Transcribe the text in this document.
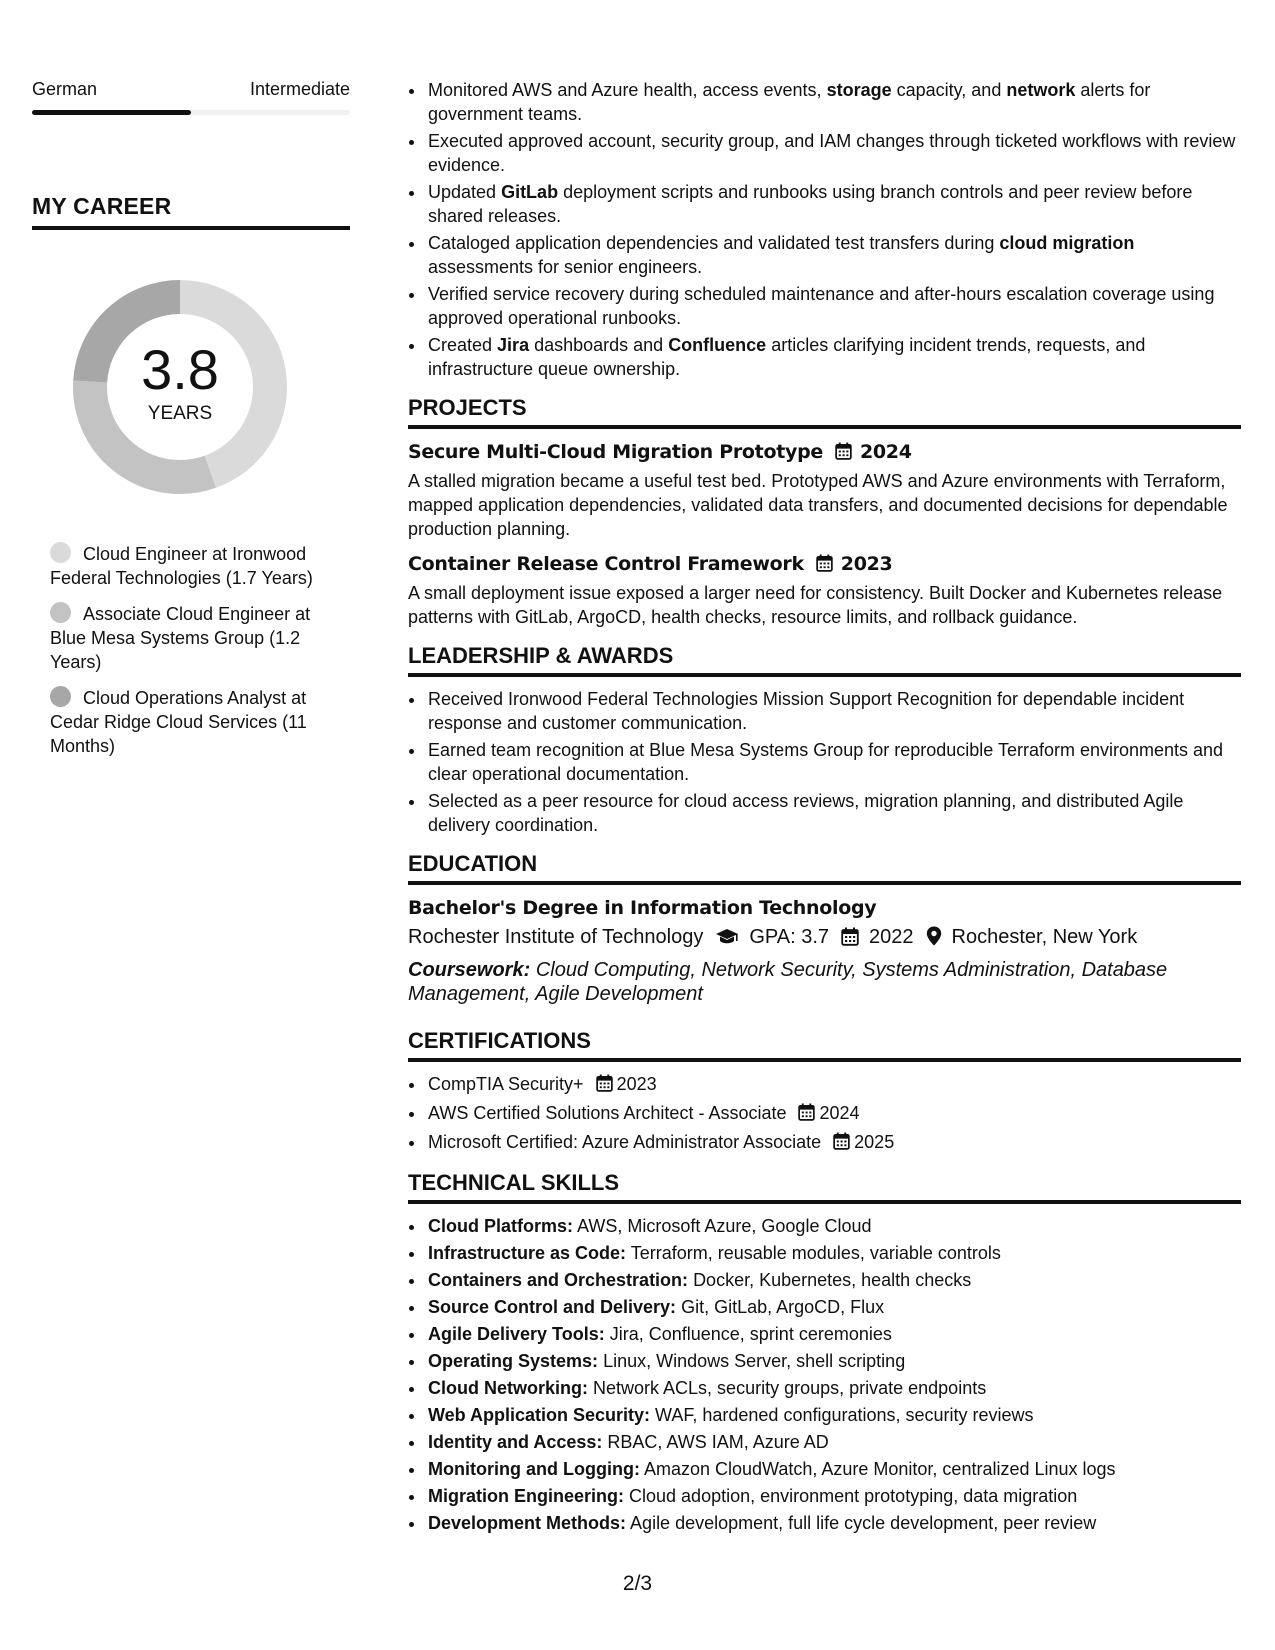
German	Intermediate
MY CAREER
3.8
YEARS
Cloud Engineer at Ironwood Federal Technologies (1.7 Years)
Associate Cloud Engineer at Blue Mesa Systems Group (1.2 Years)
Cloud Operations Analyst at Cedar Ridge Cloud Services (11 Months)
• Monitored AWS and Azure health, access events, storage capacity, and network alerts for government teams.
• Executed approved account, security group, and IAM changes through ticketed workflows with review evidence.
• Updated GitLab deployment scripts and runbooks using branch controls and peer review before shared releases.
• Cataloged application dependencies and validated test transfers during cloud migration assessments for senior engineers.
• Verified service recovery during scheduled maintenance and after-hours escalation coverage using approved operational runbooks.
• Created Jira dashboards and Confluence articles clarifying incident trends, requests, and infrastructure queue ownership.
PROJECTS
Secure Multi-Cloud Migration Prototype 2024
A stalled migration became a useful test bed. Prototyped AWS and Azure environments with Terraform, mapped application dependencies, validated data transfers, and documented decisions for dependable production planning.
Container Release Control Framework 2023
A small deployment issue exposed a larger need for consistency. Built Docker and Kubernetes release patterns with GitLab, ArgoCD, health checks, resource limits, and rollback guidance.
LEADERSHIP & AWARDS
• Received Ironwood Federal Technologies Mission Support Recognition for dependable incident response and customer communication.
• Earned team recognition at Blue Mesa Systems Group for reproducible Terraform environments and clear operational documentation.
• Selected as a peer resource for cloud access reviews, migration planning, and distributed Agile delivery coordination.
EDUCATION
Bachelor's Degree in Information Technology
Rochester Institute of Technology GPA: 3.7 2022 Rochester, New York
Coursework: Cloud Computing, Network Security, Systems Administration, Database Management, Agile Development
CERTIFICATIONS
• CompTIA Security+ 2023
• AWS Certified Solutions Architect - Associate 2024
• Microsoft Certified: Azure Administrator Associate 2025
TECHNICAL SKILLS
• Cloud Platforms: AWS, Microsoft Azure, Google Cloud
• Infrastructure as Code: Terraform, reusable modules, variable controls
• Containers and Orchestration: Docker, Kubernetes, health checks
• Source Control and Delivery: Git, GitLab, ArgoCD, Flux
• Agile Delivery Tools: Jira, Confluence, sprint ceremonies
• Operating Systems: Linux, Windows Server, shell scripting
• Cloud Networking: Network ACLs, security groups, private endpoints
• Web Application Security: WAF, hardened configurations, security reviews
• Identity and Access: RBAC, AWS IAM, Azure AD
• Monitoring and Logging: Amazon CloudWatch, Azure Monitor, centralized Linux logs
• Migration Engineering: Cloud adoption, environment prototyping, data migration
• Development Methods: Agile development, full life cycle development, peer review
2/3
